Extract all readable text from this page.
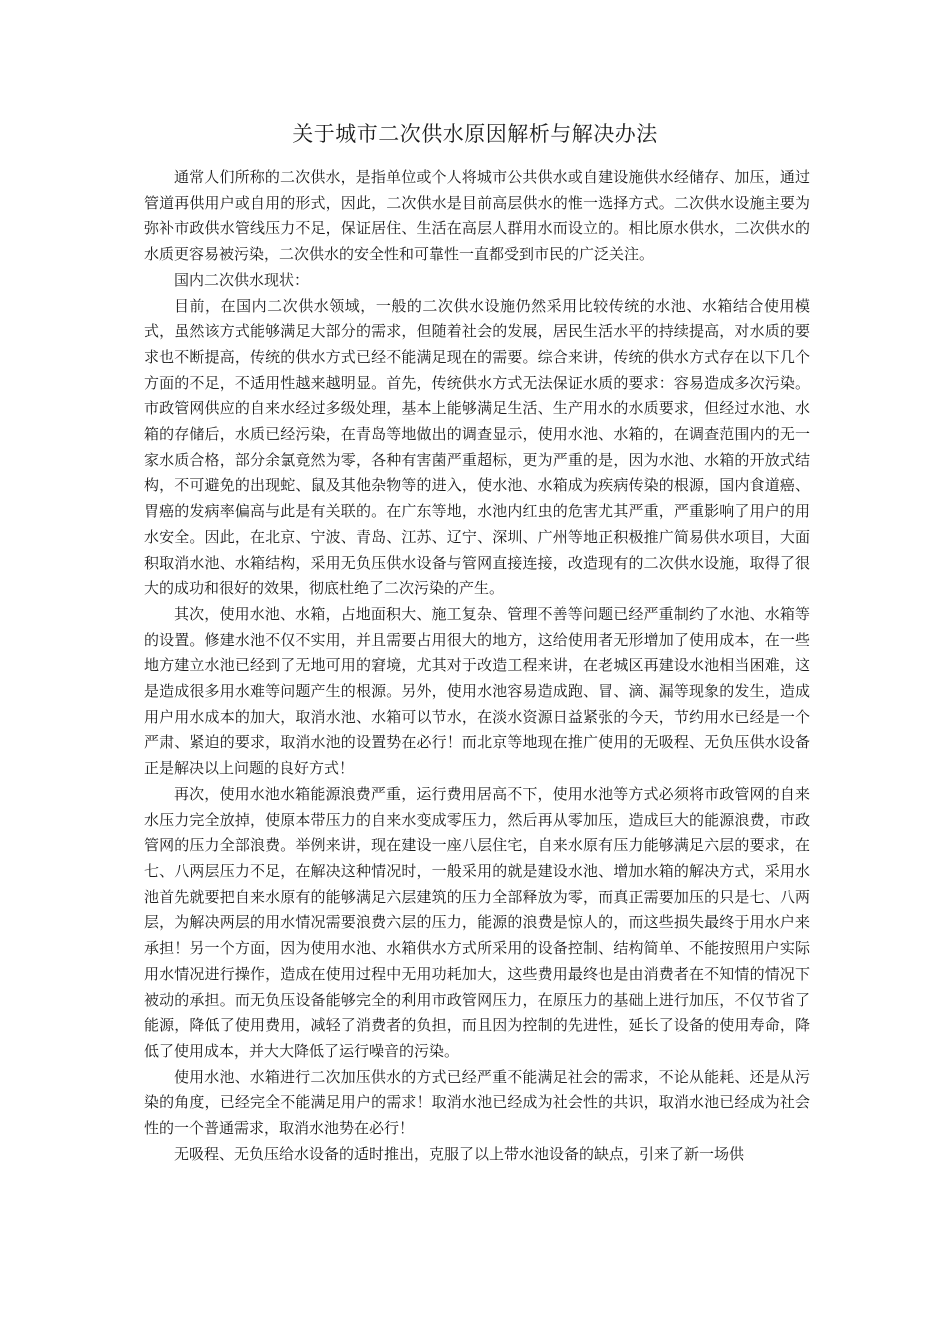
关于城市二次供水原因解析与解决办法

通常人们所称的二次供水，是指单位或个人将城市公共供水或自建设施供水经储存、加压，通过管道再供用户或自用的形式，因此，二次供水是目前高层供水的惟一选择方式。二次供水设施主要为弥补市政供水管线压力不足，保证居住、生活在高层人群用水而设立的。相比原水供水，二次供水的水质更容易被污染，二次供水的安全性和可靠性一直都受到市民的广泛关注。

国内二次供水现状：

目前，在国内二次供水领域，一般的二次供水设施仍然采用比较传统的水池、水箱结合使用模式，虽然该方式能够满足大部分的需求，但随着社会的发展，居民生活水平的持续提高，对水质的要求也不断提高，传统的供水方式已经不能满足现在的需要。综合来讲，传统的供水方式存在以下几个方面的不足，不适用性越来越明显。首先，传统供水方式无法保证水质的要求：容易造成多次污染。市政管网供应的自来水经过多级处理，基本上能够满足生活、生产用水的水质要求，但经过水池、水箱的存储后，水质已经污染，在青岛等地做出的调查显示，使用水池、水箱的，在调查范围内的无一家水质合格，部分余氯竟然为零，各种有害菌严重超标，更为严重的是，因为水池、水箱的开放式结构，不可避免的出现蛇、鼠及其他杂物等的进入，使水池、水箱成为疾病传染的根源，国内食道癌、胃癌的发病率偏高与此是有关联的。在广东等地，水池内红虫的危害尤其严重，严重影响了用户的用水安全。因此，在北京、宁波、青岛、江苏、辽宁、深圳、广州等地正积极推广简易供水项目，大面积取消水池、水箱结构，采用无负压供水设备与管网直接连接，改造现有的二次供水设施，取得了很大的成功和很好的效果，彻底杜绝了二次污染的产生。

其次，使用水池、水箱，占地面积大、施工复杂、管理不善等问题已经严重制约了水池、水箱等的设置。修建水池不仅不实用，并且需要占用很大的地方，这给使用者无形增加了使用成本，在一些地方建立水池已经到了无地可用的窘境，尤其对于改造工程来讲，在老城区再建设水池相当困难，这是造成很多用水难等问题产生的根源。另外，使用水池容易造成跑、冒、滴、漏等现象的发生，造成用户用水成本的加大，取消水池、水箱可以节水，在淡水资源日益紧张的今天，节约用水已经是一个严肃、紧迫的要求，取消水池的设置势在必行！而北京等地现在推广使用的无吸程、无负压供水设备正是解决以上问题的良好方式！

再次，使用水池水箱能源浪费严重，运行费用居高不下，使用水池等方式必须将市政管网的自来水压力完全放掉，使原本带压力的自来水变成零压力，然后再从零加压，造成巨大的能源浪费，市政管网的压力全部浪费。举例来讲，现在建设一座八层住宅，自来水原有压力能够满足六层的要求，在七、八两层压力不足，在解决这种情况时，一般采用的就是建设水池、增加水箱的解决方式，采用水池首先就要把自来水原有的能够满足六层建筑的压力全部释放为零，而真正需要加压的只是七、八两层，为解决两层的用水情况需要浪费六层的压力，能源的浪费是惊人的，而这些损失最终于用水户来承担！另一个方面，因为使用水池、水箱供水方式所采用的设备控制、结构简单、不能按照用户实际用水情况进行操作，造成在使用过程中无用功耗加大，这些费用最终也是由消费者在不知情的情况下被动的承担。而无负压设备能够完全的利用市政管网压力，在原压力的基础上进行加压，不仅节省了能源，降低了使用费用，减轻了消费者的负担，而且因为控制的先进性，延长了设备的使用寿命，降低了使用成本，并大大降低了运行噪音的污染。

使用水池、水箱进行二次加压供水的方式已经严重不能满足社会的需求，不论从能耗、还是从污染的角度，已经完全不能满足用户的需求！取消水池已经成为社会性的共识，取消水池已经成为社会性的一个普通需求，取消水池势在必行！

无吸程、无负压给水设备的适时推出，克服了以上带水池设备的缺点，引来了新一场供
